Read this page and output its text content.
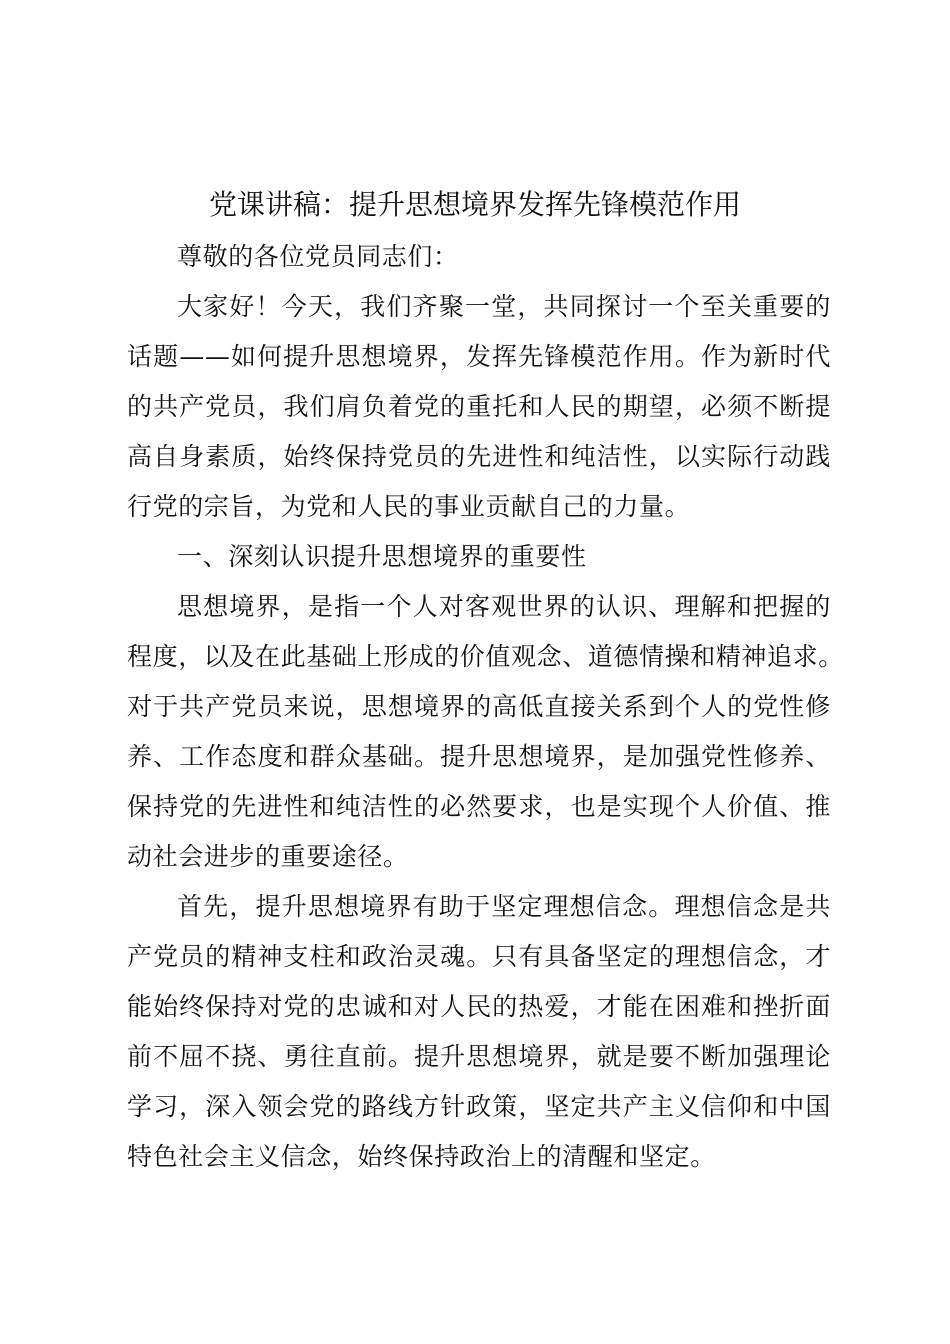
党课讲稿：提升思想境界发挥先锋模范作用
尊敬的各位党员同志们：
大家好！今天，我们齐聚一堂，共同探讨一个至关重要的
话题——如何提升思想境界，发挥先锋模范作用。作为新时代
的共产党员，我们肩负着党的重托和人民的期望，必须不断提
高自身素质，始终保持党员的先进性和纯洁性，以实际行动践
行党的宗旨，为党和人民的事业贡献自己的力量。
一、深刻认识提升思想境界的重要性
思想境界，是指一个人对客观世界的认识、理解和把握的
程度，以及在此基础上形成的价值观念、道德情操和精神追求。
对于共产党员来说，思想境界的高低直接关系到个人的党性修
养、工作态度和群众基础。提升思想境界，是加强党性修养、
保持党的先进性和纯洁性的必然要求，也是实现个人价值、推
动社会进步的重要途径。
首先，提升思想境界有助于坚定理想信念。理想信念是共
产党员的精神支柱和政治灵魂。只有具备坚定的理想信念，才
能始终保持对党的忠诚和对人民的热爱，才能在困难和挫折面
前不屈不挠、勇往直前。提升思想境界，就是要不断加强理论
学习，深入领会党的路线方针政策，坚定共产主义信仰和中国
特色社会主义信念，始终保持政治上的清醒和坚定。
